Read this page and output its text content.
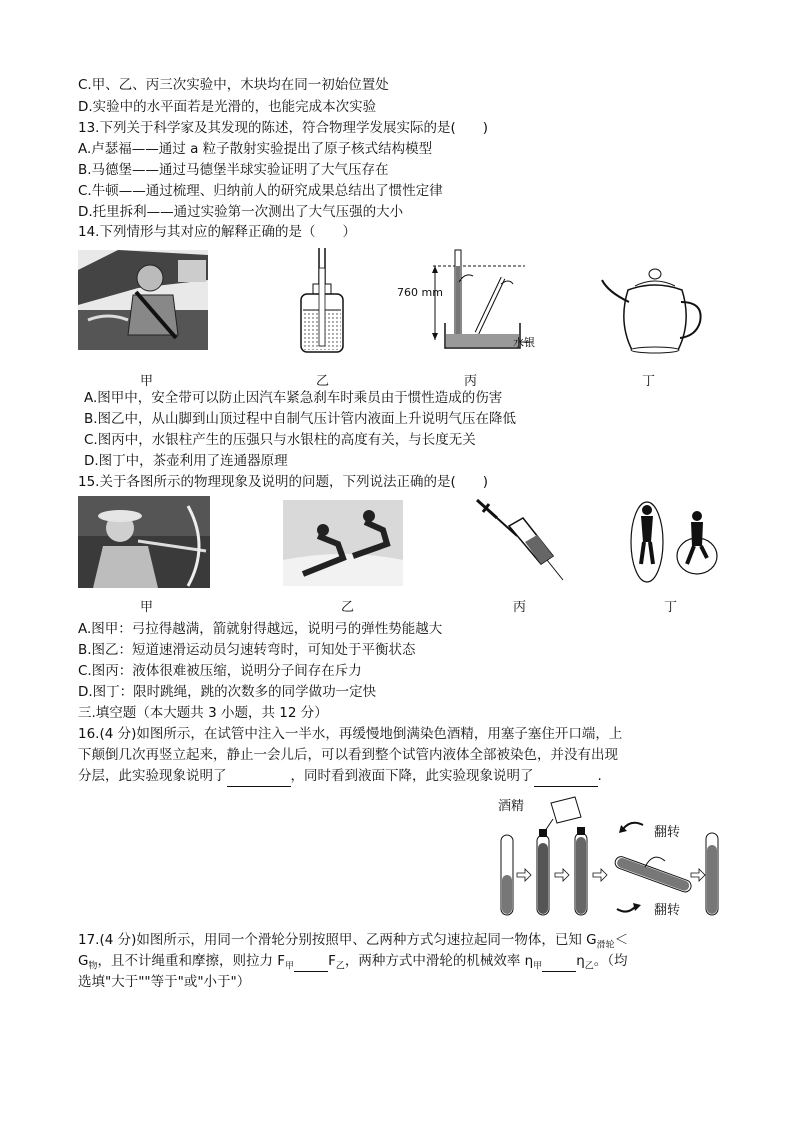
C.甲、乙、丙三次实验中，木块均在同一初始位置处
D.实验中的水平面若是光滑的，也能完成本次实验
13.下列关于科学家及其发现的陈述，符合物理学发展实际的是(　　)
A.卢瑟福——通过 a 粒子散射实验提出了原子核式结构模型
B.马德堡——通过马德堡半球实验证明了大气压存在
C.牛顿——通过梳理、归纳前人的研究成果总结出了惯性定律
D.托里拆利——通过实验第一次测出了大气压强的大小
14.下列情形与其对应的解释正确的是（　　）
甲	乙
760 mm
水银
丙	丁
A.图甲中，安全带可以防止因汽车紧急刹车时乘员由于惯性造成的伤害
B.图乙中，从山脚到山顶过程中自制气压计管内液面上升说明气压在降低
C.图丙中，水银柱产生的压强只与水银柱的高度有关，与长度无关
D.图丁中，茶壶利用了连通器原理
15.关于各图所示的物理现象及说明的问题，下列说法正确的是(　　)
甲	乙	丙	丁
A.图甲：弓拉得越满，箭就射得越远，说明弓的弹性势能越大
B.图乙：短道速滑运动员匀速转弯时，可知处于平衡状态
C.图丙：液体很难被压缩，说明分子间存在斥力
D.图丁：限时跳绳，跳的次数多的同学做功一定快
三.填空题（本大题共 3 小题，共 12 分）
16.(4 分)如图所示，在试管中注入一半水，再缓慢地倒满染色酒精，用塞子塞住开口端，上
下颠倒几次再竖立起来，静止一会儿后，可以看到整个试管内液体全部被染色，并没有出现
分层，此实验现象说明了	，同时看到液面下降，此实验现象说明了	.
酒精
翻转
翻转
17.(4 分)如图所示，用同一个滑轮分别按照甲、乙两种方式匀速拉起同一物体，已知 $G_{滑轮}<$
$G_物$，且不计绳重和摩擦，则拉力 $F_甲$	$F_乙$，两种方式中滑轮的机械效率 $\eta_甲$	$\eta_乙$。（均
选填"大于""等于"或"小于"）
